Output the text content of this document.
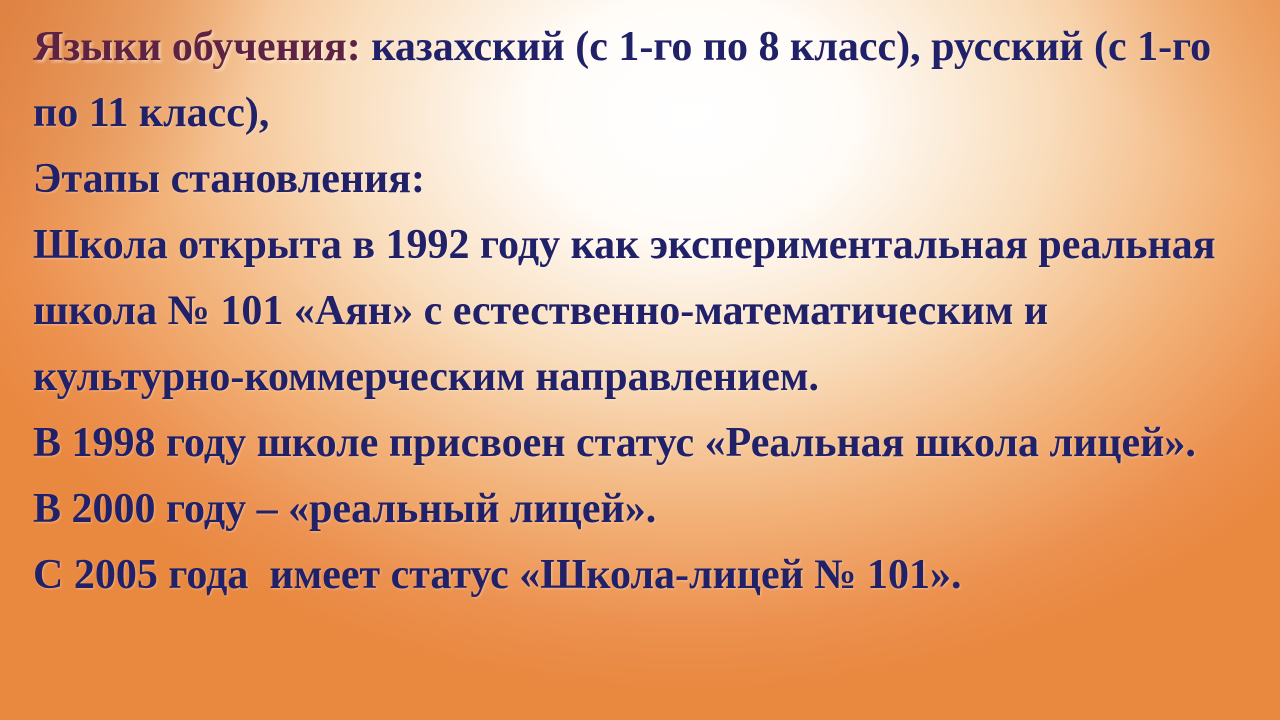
Языки обучения: казахский (с 1-го по 8 класс), русский (с 1-го по 11 класс),

Этапы становления:

Школа открыта в 1992 году как экспериментальная реальная школа № 101 «Аян» с естественно-математическим и культурно-коммерческим направлением.

В 1998 году школе присвоен статус «Реальная школа лицей».

В 2000 году – «реальный лицей».

С 2005 года  имеет статус «Школа-лицей № 101».
